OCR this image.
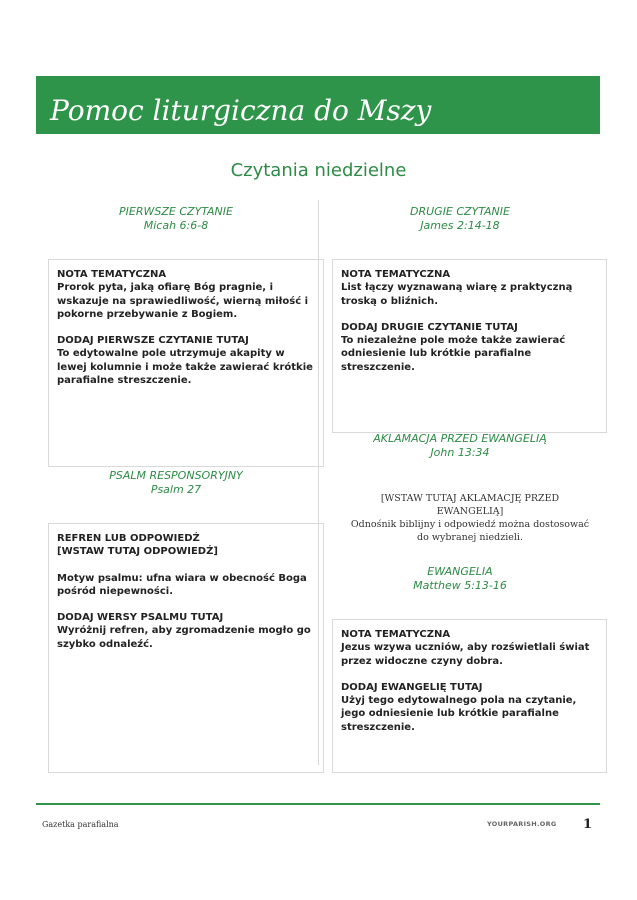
Pomoc liturgiczna do Mszy
Czytania niedzielne
PIERWSZE CZYTANIE
Micah 6:6-8

NOTA TEMATYCZNA
Prorok pyta, jaką ofiarę Bóg pragnie, i wskazuje na sprawiedliwość, wierną miłość i pokorne przebywanie z Bogiem.

DODAJ PIERWSZE CZYTANIE TUTAJ
To edytowalne pole utrzymuje akapity w lewej kolumnie i może także zawierać krótkie parafialne streszczenie.

PSALM RESPONSORYJNY
Psalm 27

REFREN LUB ODPOWIEDŹ
[WSTAW TUTAJ ODPOWIEDŹ]

Motyw psalmu: ufna wiara w obecność Boga pośród niepewności.

DODAJ WERSY PSALMU TUTAJ
Wyróżnij refren, aby zgromadzenie mogło go szybko odnaleźć.

DRUGIE CZYTANIE
James 2:14-18

NOTA TEMATYCZNA
List łączy wyznawaną wiarę z praktyczną troską o bliźnich.

DODAJ DRUGIE CZYTANIE TUTAJ
To niezależne pole może także zawierać odniesienie lub krótkie parafialne streszczenie.

AKLAMACJA PRZED EWANGELIĄ
John 13:34
[WSTAW TUTAJ AKLAMACJĘ PRZED EWANGELIĄ]
Odnośnik biblijny i odpowiedź można dostosować do wybranej niedzieli.
EWANGELIA
Matthew 5:13-16

NOTA TEMATYCZNA
Jezus wzywa uczniów, aby rozświetlali świat przez widoczne czyny dobra.

DODAJ EWANGELIĘ TUTAJ
Użyj tego edytowalnego pola na czytanie, jego odniesienie lub krótkie parafialne streszczenie.

Gazetka parafialna	YOURPARISH.ORG 1
